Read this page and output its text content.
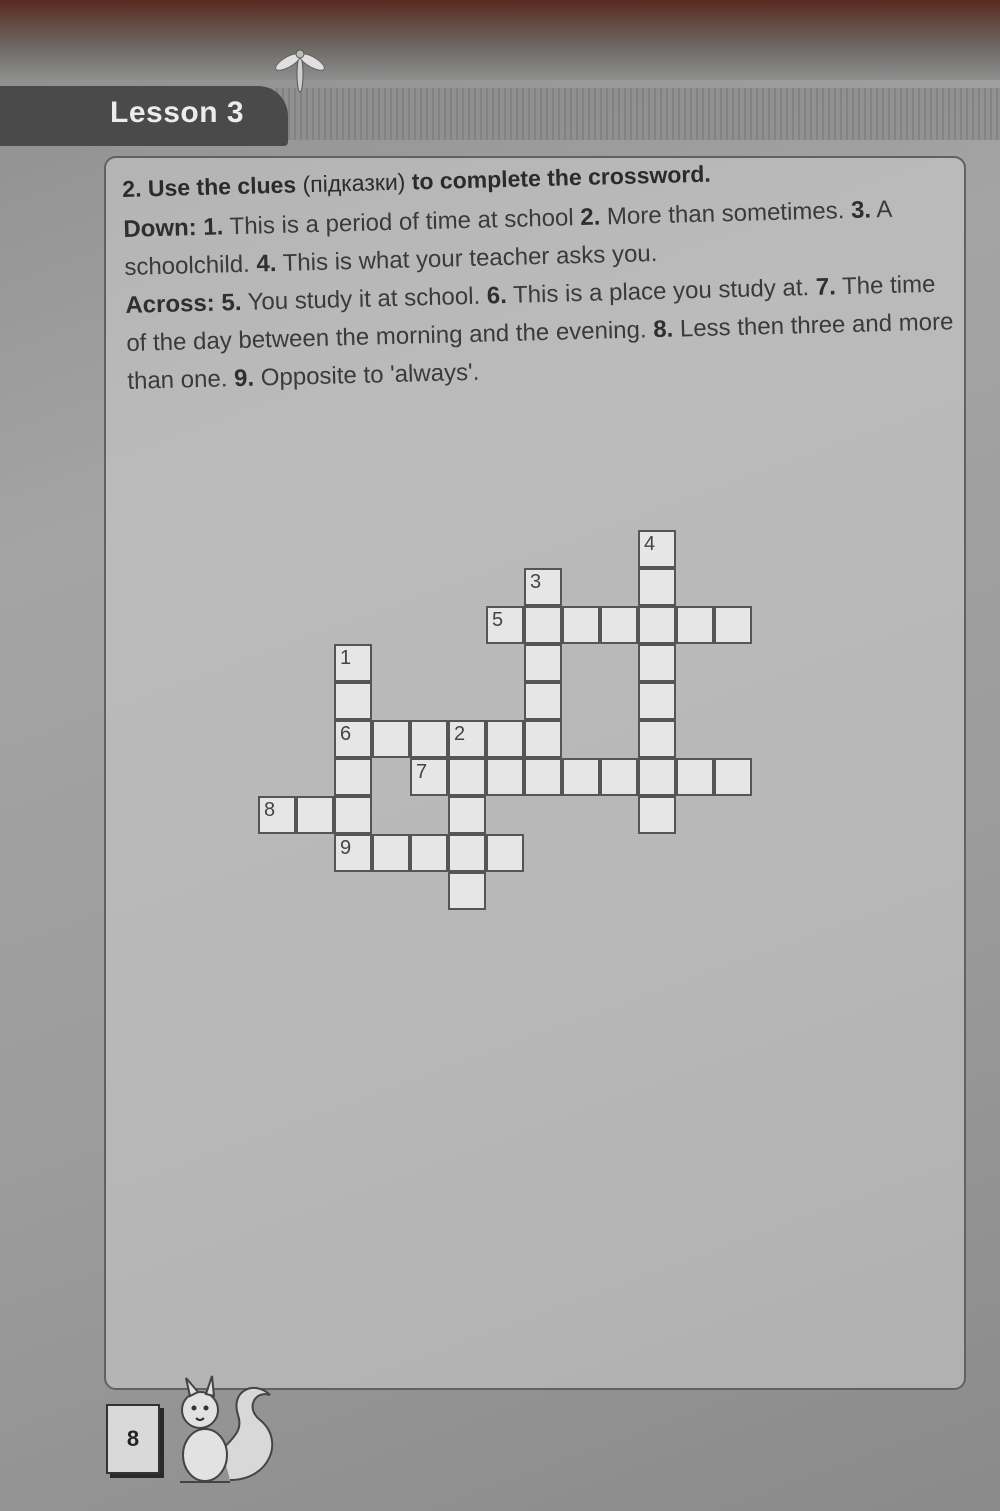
Lesson 3

2. Use the clues (підказки) to complete the crossword.

Down: 1. This is a period of time at school 2. More than sometimes. 3. A schoolchild. 4. This is what your teacher asks you.
Across: 5. You study it at school. 6. This is a place you study at. 7. The time of the day between the morning and the evening. 8. Less then three and more than one. 9. Opposite to 'always'.

4
3
5
1
6	2
7
8
9
8
